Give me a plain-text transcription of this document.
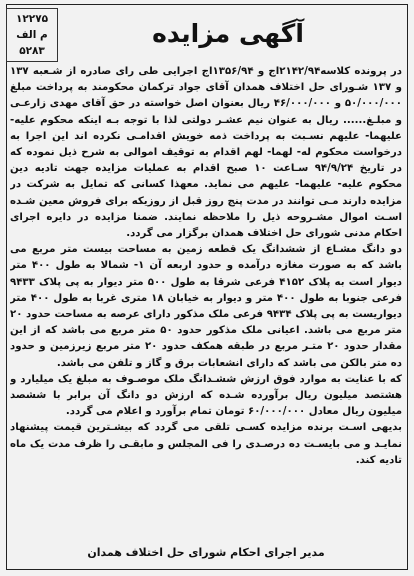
۱۲۲۷۵
م الف
۵۲۸۳
آگهی مزایده

در پرونده کلاسه۲۱۴۲/۹۴اج و ۱۳۵۶/۹۴اج اجرایی طی رای صادره از شـعبه ۱۳۷ و ۱۳۷ شـورای حل اختلاف همدان آقای جواد ترکمان محکومند به پرداخت مبلغ ۵۰/۰۰۰/۰۰۰ و ۴۶/۰۰۰/۰۰۰ ریال بعنوان اصل خواسته در حق آقای مهدی زارعـی و مبلـغ...... ریال به عنوان نیم عشـر دولتی لذا با توجه بـه اینکه محکوم علیه- علیهما- علیهم نسـبت به پرداخت ذمه خویش اقدامـی نکرده اند این اجرا به درخواست محکوم له- لهما- لهم اقدام به توقیف اموالی به شرح ذیل نموده که در تاریخ ۹۴/۹/۲۴ سـاعت ۱۰ صبح اقدام به عملیات مزایده جهت تادیه دین محکوم علیه- علیهما- علیهم می نماید. معهذا کسانی که تمایل به شرکت در مزایده دارند مـی توانند در مدت پنج روز قبل از روزیکه برای فروش معین شـده اسـت اموال مشـروحه ذیل را ملاحظه نمایند. ضمنا مزایده در دایره اجرای احکام مدنی شورای حل اختلاف همدان برگزار می گردد.

دو دانگ مشـاع از ششدانگ یک قطعه زمین به مساحت بیست متر مربع می باشد که به صورت مغازه درآمده و حدود اربعه آن ۱- شمالا به طول ۴۰۰ متر دیوار است به پلاک ۴۱۵۲ فرعی شرقا به طول ۵۰۰ متر دیوار به پی پلاک ۹۴۳۳ فرعی جنوبا به طول ۴۰۰ متر و دیوار به خیابان ۱۸ متری غربا به طول ۴۰۰ متر دیواریست به پی پلاک ۹۴۳۴ فرعی ملک مذکور دارای عرصه به مساحت حدود ۲۰ متر مربع می باشد. اعیانی ملک مذکور حدود ۵۰ متر مربع می باشد که از این مقدار حدود ۲۰ متـر مربع در طبقه همکف حدود ۲۰ متر مربع زیرزمین و حدود ده متر بالکن می باشد که دارای انشعابات برق و گاز و تلفن می باشد.

که با عنایت به موارد فوق ارزش ششـدانگ ملک موصـوف به مبلغ یک میلیارد و هشتصد میلیون ریال برآورده شـده که ارزش دو دانگ آن برابر با ششصد میلیون ریال معادل ۶۰/۰۰۰/۰۰۰ تومان تمام برآورد و اعلام می گردد.

بدیهی اسـت برنده مزایده کسـی تلقی می گردد که بیشـترین قیمت پیشنهاد نمایـد و می بایسـت ده درصـدی را فی المجلس و مابقـی را ظرف مدت یک ماه تادیه کند.

مدیر اجرای احکام شورای حل اختلاف همدان
